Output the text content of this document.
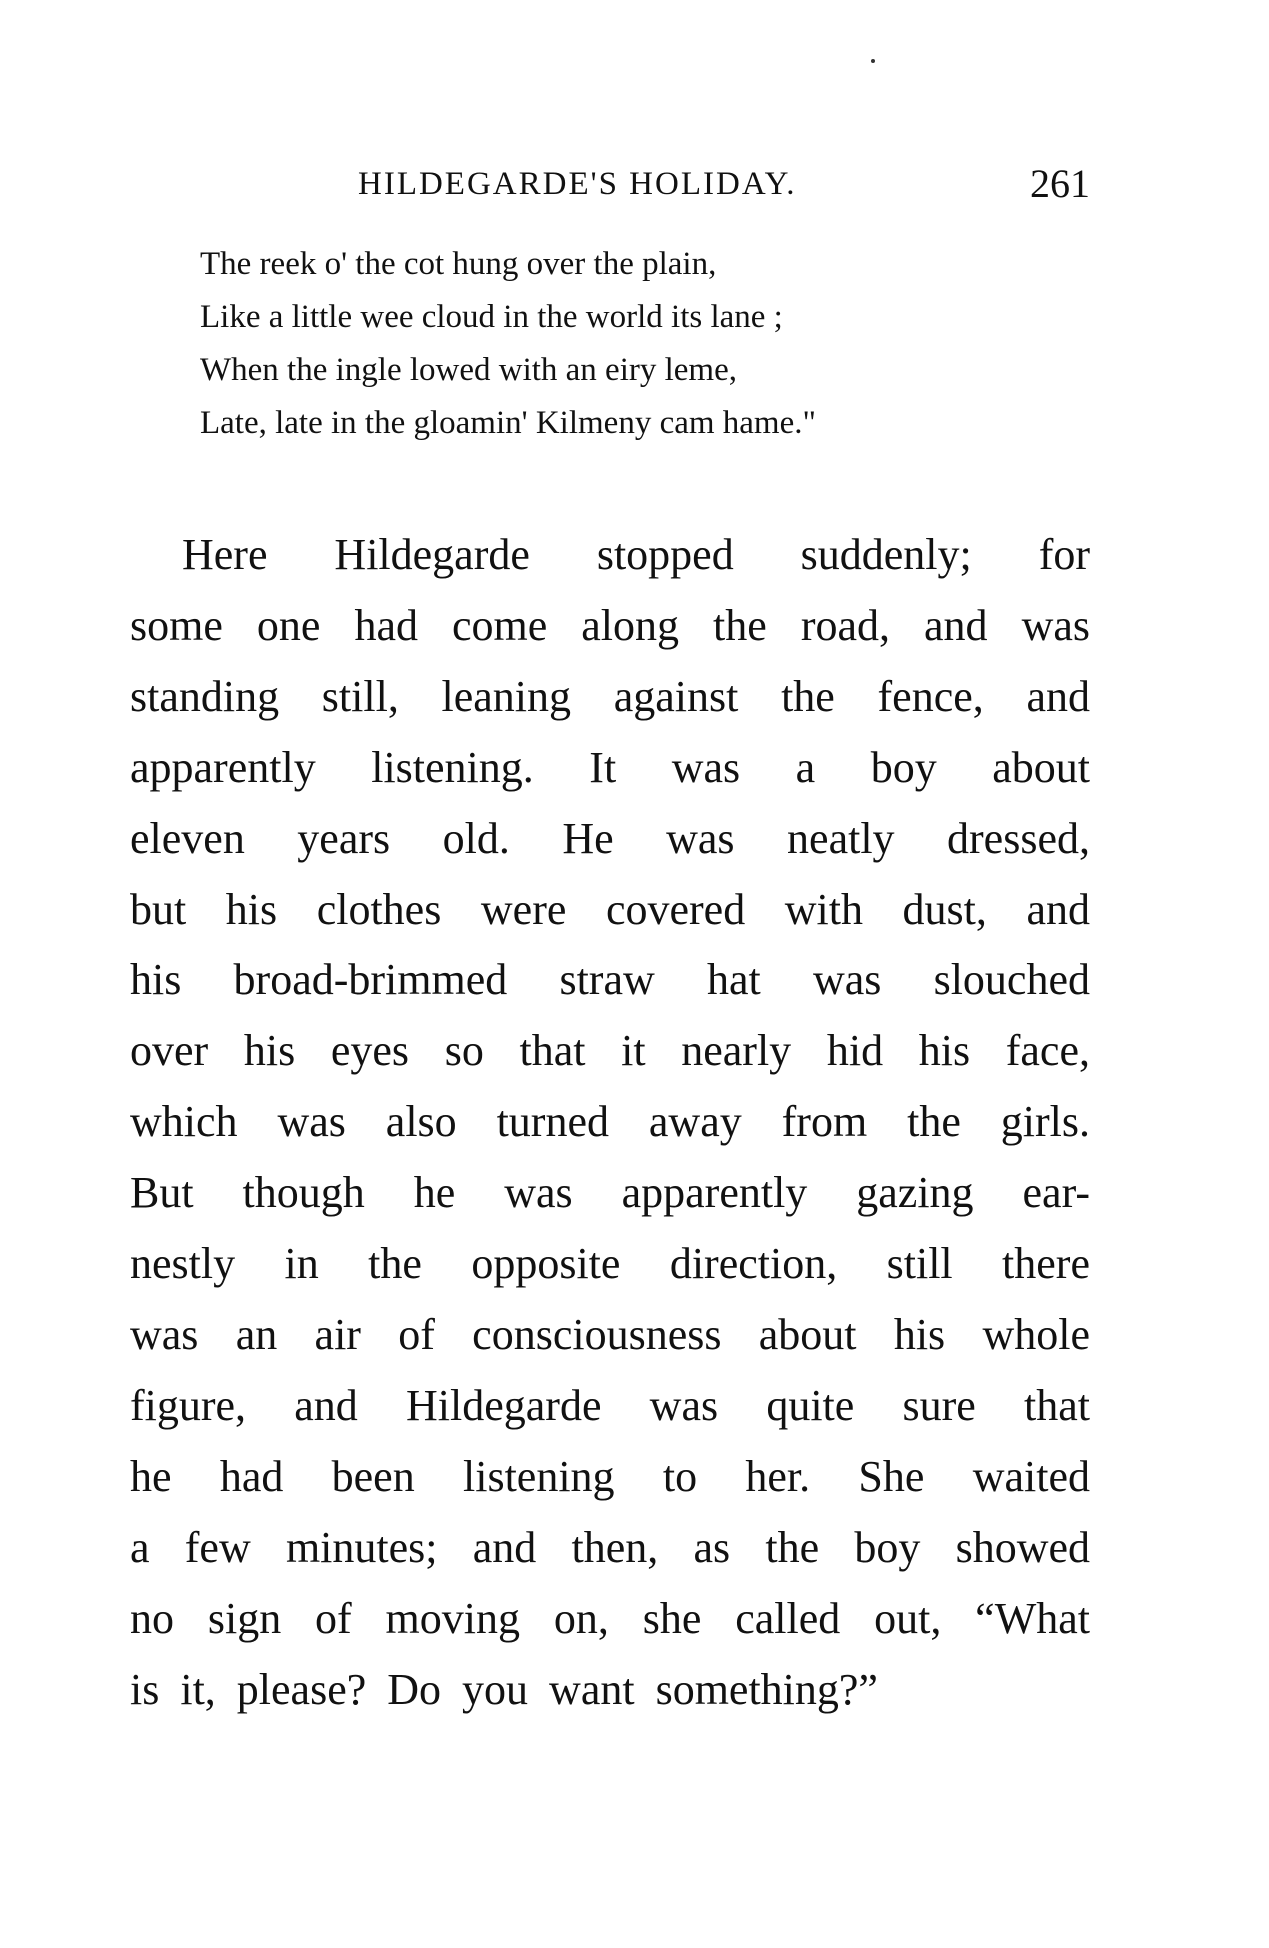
HILDEGARDE'S HOLIDAY.	261
The reek o' the cot hung over the plain,
Like a little wee cloud in the world its lane ;
When the ingle lowed with an eiry leme,
Late, late in the gloamin' Kilmeny cam hame."
Here Hildegarde stopped suddenly; for
some one had come along the road, and was
standing still, leaning against the fence, and
apparently listening. It was a boy about
eleven years old. He was neatly dressed,
but his clothes were covered with dust, and
his broad-brimmed straw hat was slouched
over his eyes so that it nearly hid his face,
which was also turned away from the girls.
But though he was apparently gazing ear-
nestly in the opposite direction, still there
was an air of consciousness about his whole
figure, and Hildegarde was quite sure that
he had been listening to her. She waited
a few minutes; and then, as the boy showed
no sign of moving on, she called out, “What
is it, please? Do you want something?”
